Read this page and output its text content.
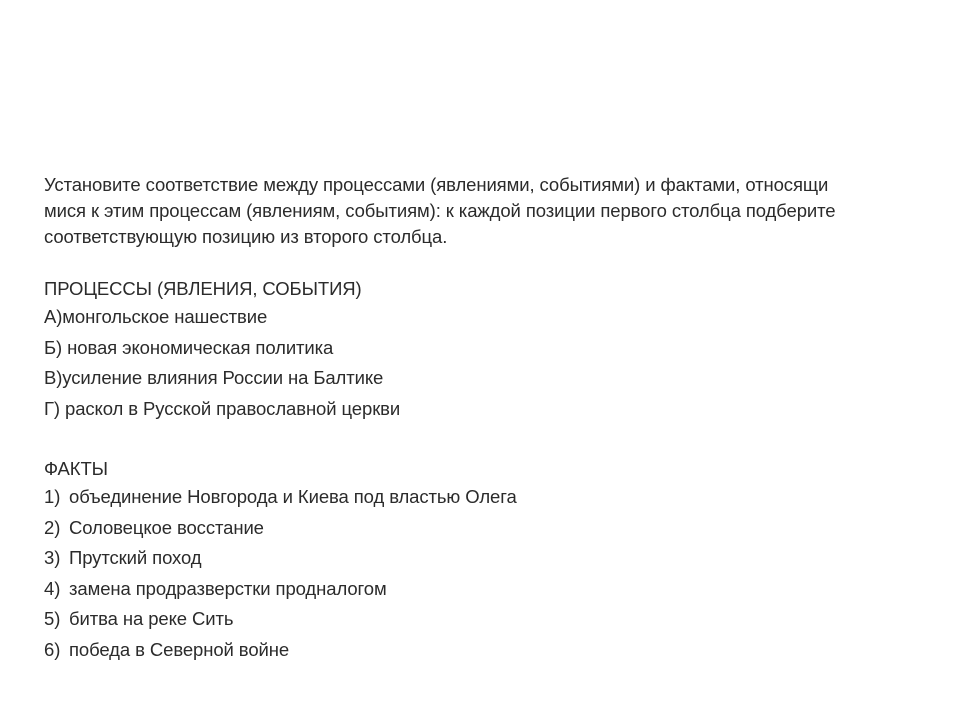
Установите соответствие между процессами (явлениями, событиями) и фактами, относящи
мися к этим процессам (явлениям, событиям): к каждой позиции первого столбца подберите
соответствующую позицию из второго столбца.

ПРОЦЕССЫ (ЯВЛЕНИЯ, СОБЫТИЯ)

А)монгольское нашествие
Б) новая экономическая политика
В)усиление влияния России на Балтике
Г) раскол в Русской православной церкви

ФАКТЫ

1) объединение Новгорода и Киева под властью Олега
2) Соловецкое восстание
3) Прутский поход
4) замена продразверстки продналогом
5) битва на реке Сить
6) победа в Северной войне
